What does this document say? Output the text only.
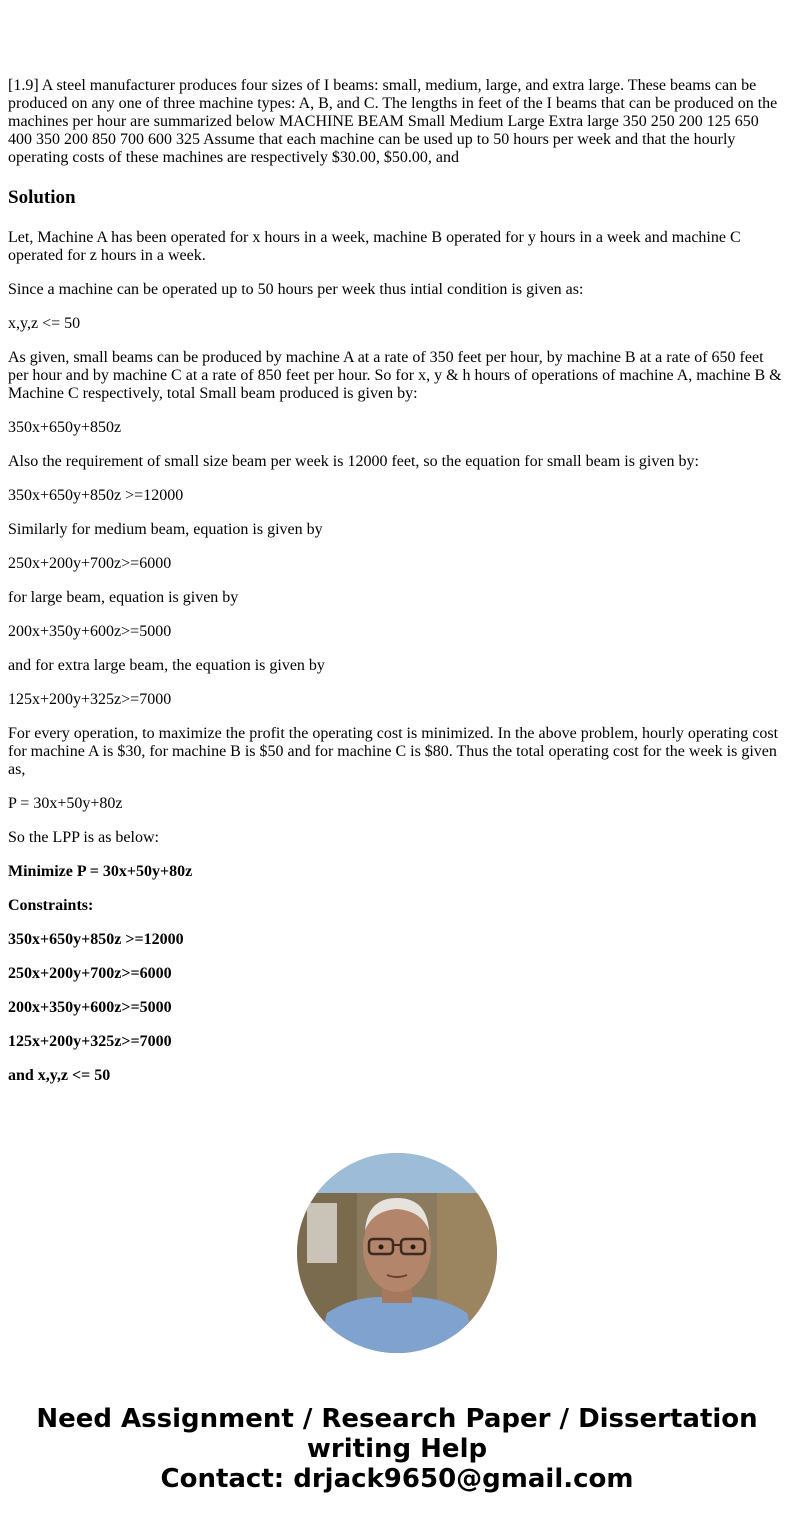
[1.9] A steel manufacturer produces four sizes of I beams: small, medium, large, and extra large. These beams can be produced on any one of three machine types: A, B, and C. The lengths in feet of the I beams that can be produced on the machines per hour are summarized below MACHINE BEAM Small Medium Large Extra large 350 250 200 125 650 400 350 200 850 700 600 325 Assume that each machine can be used up to 50 hours per week and that the hourly operating costs of these machines are respectively $30.00, $50.00, and

Solution

Let, Machine A has been operated for x hours in a week, machine B operated for y hours in a week and machine C operated for z hours in a week.

Since a machine can be operated up to 50 hours per week thus intial condition is given as:

x,y,z <= 50

As given, small beams can be produced by machine A at a rate of 350 feet per hour, by machine B at a rate of 650 feet per hour and by machine C at a rate of 850 feet per hour. So for x, y & h hours of operations of machine A, machine B & Machine C respectively, total Small beam produced is given by:

350x+650y+850z

Also the requirement of small size beam per week is 12000 feet, so the equation for small beam is given by:

350x+650y+850z >=12000

Similarly for medium beam, equation is given by

250x+200y+700z>=6000

for large beam, equation is given by

200x+350y+600z>=5000

and for extra large beam, the equation is given by

125x+200y+325z>=7000

For every operation, to maximize the profit the operating cost is minimized. In the above problem, hourly operating cost for machine A is $30, for machine B is $50 and for machine C is $80. Thus the total operating cost for the week is given as,

P = 30x+50y+80z

So the LPP is as below:

Minimize P = 30x+50y+80z

Constraints:

350x+650y+850z >=12000

250x+200y+700z>=6000

200x+350y+600z>=5000

125x+200y+325z>=7000

and x,y,z <= 50

Need Assignment / Research Paper / Dissertation
writing Help
Contact: drjack9650@gmail.com
